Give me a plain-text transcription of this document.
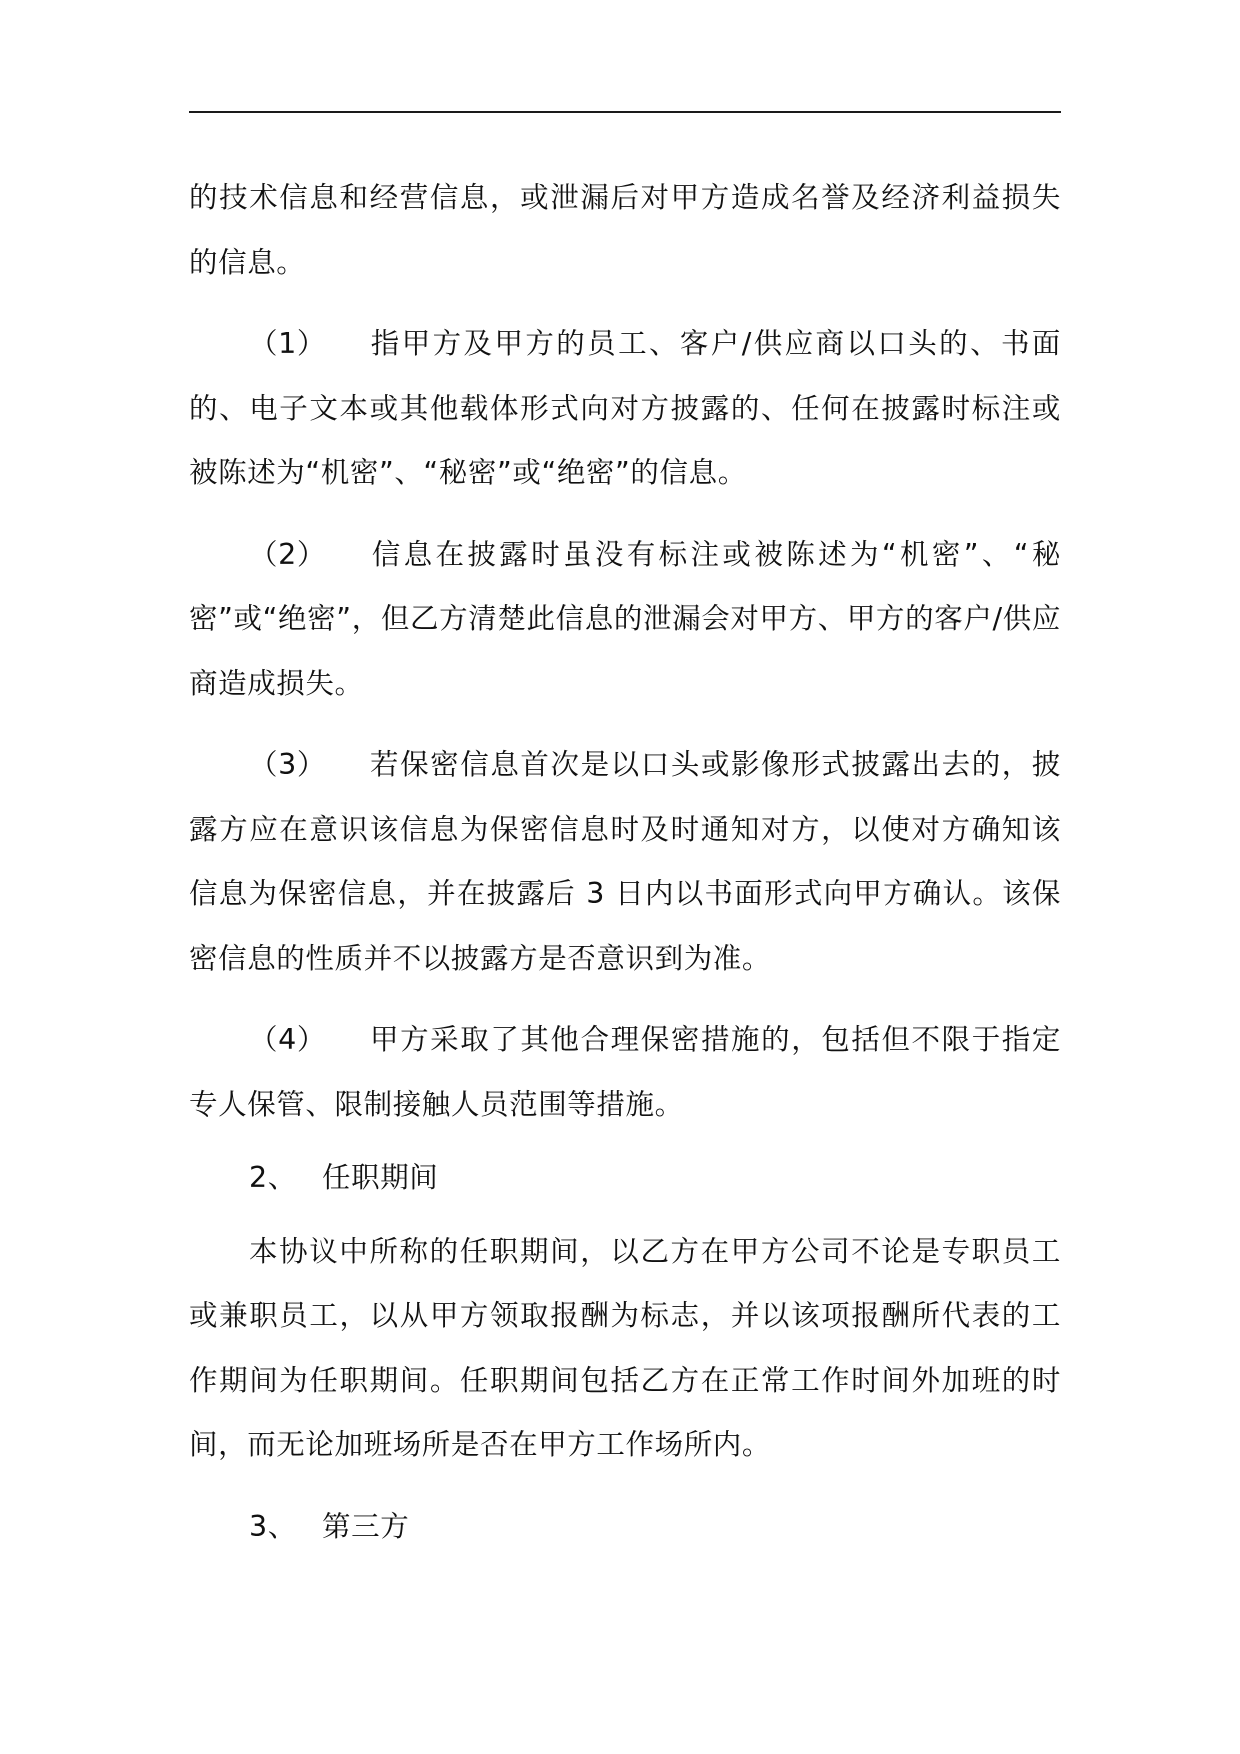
的技术信息和经营信息，或泄漏后对甲方造成名誉及经济利益损失的信息。

（1） 指甲方及甲方的员工、客户/供应商以口头的、书面的、电子文本或其他载体形式向对方披露的、任何在披露时标注或被陈述为“机密”、“秘密”或“绝密”的信息。

（2） 信息在披露时虽没有标注或被陈述为“机密”、“秘密”或“绝密”，但乙方清楚此信息的泄漏会对甲方、甲方的客户/供应商造成损失。

（3） 若保密信息首次是以口头或影像形式披露出去的，披露方应在意识该信息为保密信息时及时通知对方，以使对方确知该信息为保密信息，并在披露后 3 日内以书面形式向甲方确认。该保密信息的性质并不以披露方是否意识到为准。

（4） 甲方采取了其他合理保密措施的，包括但不限于指定专人保管、限制接触人员范围等措施。

2、 任职期间

本协议中所称的任职期间，以乙方在甲方公司不论是专职员工或兼职员工，以从甲方领取报酬为标志，并以该项报酬所代表的工作期间为任职期间。任职期间包括乙方在正常工作时间外加班的时间，而无论加班场所是否在甲方工作场所内。

3、 第三方
